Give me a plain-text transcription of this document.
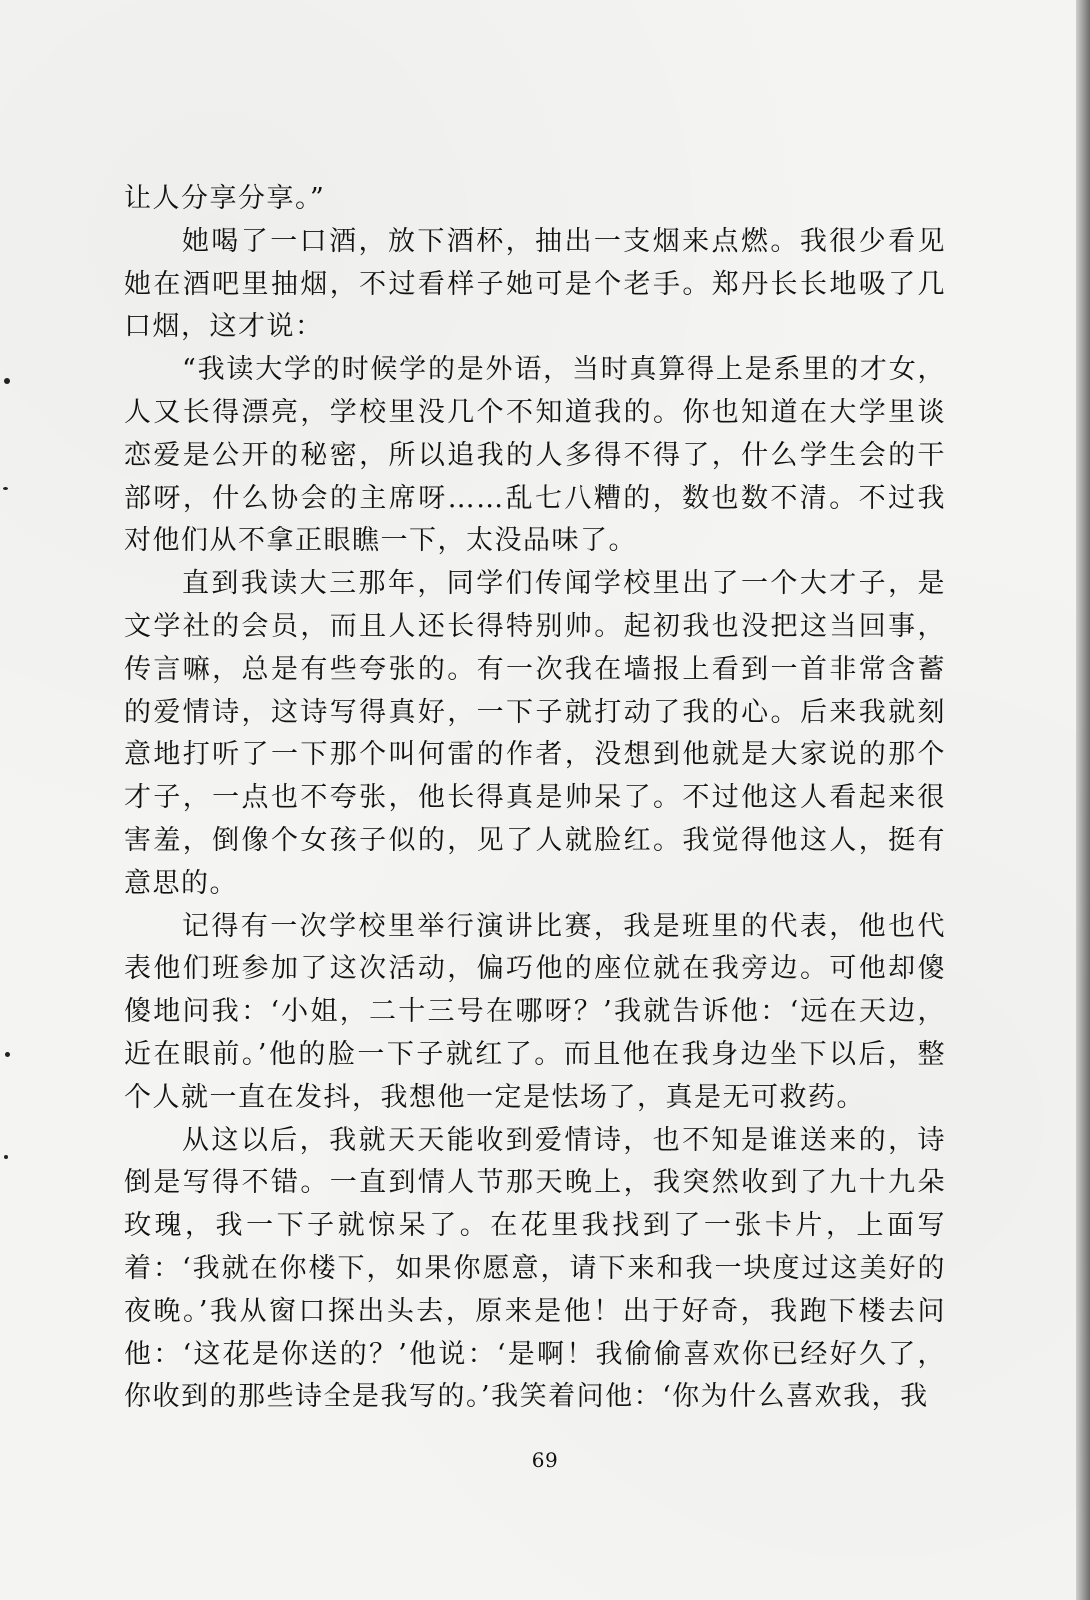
让人分享分享。”

她喝了一口酒，放下酒杯，抽出一支烟来点燃。我很少看见她在酒吧里抽烟，不过看样子她可是个老手。郑丹长长地吸了几口烟，这才说：

“我读大学的时候学的是外语，当时真算得上是系里的才女，人又长得漂亮，学校里没几个不知道我的。你也知道在大学里谈恋爱是公开的秘密，所以追我的人多得不得了，什么学生会的干部呀，什么协会的主席呀……乱七八糟的，数也数不清。不过我对他们从不拿正眼瞧一下，太没品味了。

直到我读大三那年，同学们传闻学校里出了一个大才子，是文学社的会员，而且人还长得特别帅。起初我也没把这当回事，传言嘛，总是有些夸张的。有一次我在墙报上看到一首非常含蓄的爱情诗，这诗写得真好，一下子就打动了我的心。后来我就刻意地打听了一下那个叫何雷的作者，没想到他就是大家说的那个才子，一点也不夸张，他长得真是帅呆了。不过他这人看起来很害羞，倒像个女孩子似的，见了人就脸红。我觉得他这人，挺有意思的。

记得有一次学校里举行演讲比赛，我是班里的代表，他也代表他们班参加了这次活动，偏巧他的座位就在我旁边。可他却傻傻地问我：‘小姐，二十三号在哪呀？’我就告诉他：‘远在天边，近在眼前。’他的脸一下子就红了。而且他在我身边坐下以后，整个人就一直在发抖，我想他一定是怯场了，真是无可救药。

从这以后，我就天天能收到爱情诗，也不知是谁送来的，诗倒是写得不错。一直到情人节那天晚上，我突然收到了九十九朵玫瑰，我一下子就惊呆了。在花里我找到了一张卡片，上面写着：‘我就在你楼下，如果你愿意，请下来和我一块度过这美好的夜晚。’我从窗口探出头去，原来是他！出于好奇，我跑下楼去问他：‘这花是你送的？’他说：‘是啊！我偷偷喜欢你已经好久了，你收到的那些诗全是我写的。’我笑着问他：‘你为什么喜欢我，我

69
